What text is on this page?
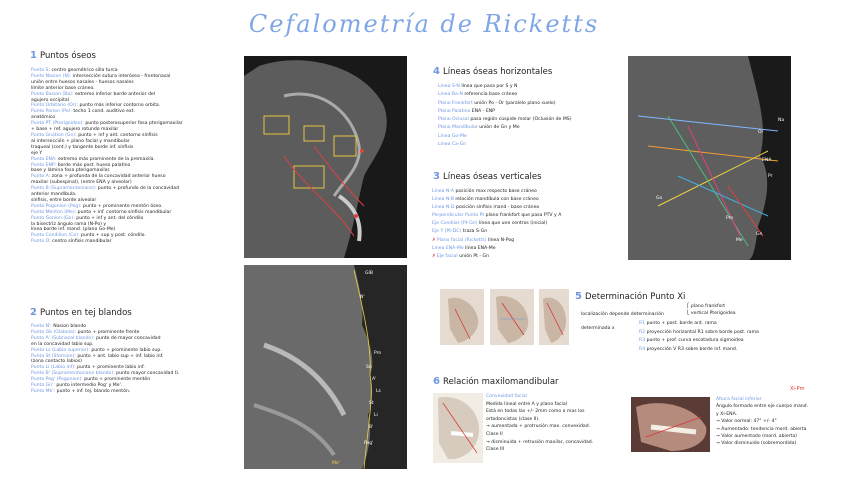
Cefalometría de Ricketts
1 Puntos óseos
Punto S: centro geométrico silla turca
Punto Nasion (N): intersección sutura interósea - frontonasal
unión entre huesos nasales - huesos nasales
límite anterior base cráneo.
Punto Basion (Ba): extremo inferior borde anterior del
agujero occipital
Punto Orbitario (Or): punto más inferior contorno orbita.
Punto Porion (Po): techo 1 cond. auditivo ext.
anatómico
Punto PT (Pterigoideo): punto posterosuperior fosa pterigomaxilar
+ base + ref. agujero rotundo maxilar
Punto Gnation (Gn): punto + inf y ant. contorno sínfisis
al intersección + plano facial y mandibular
traqueal (cont.) y tangente borde inf. sínfisis
eje Y
Punto ENA: extremo más prominente de la premaxila.
Punto ENP: borde más post. hueso palatino
base y lámina fosa pterigomaxilar.
Punto A: zona + profunda de la concavidad anterior hueso
maxilar (subespinal), (entre ENA y alveolar)
Punto B (Supramentoniano): punto + profundo de la concavidad
anterior mandíbula.
sínfisis, entre borde alveolar
Punto Pogonion (Pog): punto + prominente mentón óseo.
Punto Menton (Me): punto + inf. contorno sínfisis mandibular
Punto Gonion (Go): punto + inf y ant. del cóndilo
la bisectriz ángulo rama (N-Po) y
línea borde inf. mand. (plano Go-Me)
Punto Condilion (Co): punto + sup y post. cóndilo.
Punto D: centro sínfisis mandibular
2 Puntos en tej blandos
Punto N': Nasion blando
Punto Gb (Glabela): punto + prominente frente
Punto A' (Subnasal blando): punto de mayor concavidad
en la concavidad labio sup.
Punto Ls (Labio superior): punto + prominente labio sup.
Punto St (Stomion): punto + ant. labio sup + inf. labio inf.
(zona contacto labios)
Punto Li (Labio inf): punto + prominente labio inf.
Punto B' (Supramentoniano blando): punto mayor concavidad ti.
Punto Pog' (Pogonion): punto + prominente mentón
Punto Gn': punto intermedio Pog' y Me'.
Punto Me': punto + inf. tej. blando mentón.
4 Líneas óseas horizontales
Línea S-N línea que pasa por S y N
Línea Ba-N referencia base cráneo
Plano Frankfort unión Po - Or (paralelo plano suelo)
Plano Palatino ENA - ENP
Plano Oclusal pasa región cúspide molar (Oclusión de MS)
Plano Mandibular unión de Gn y Me
Línea Go-Me
Línea Ca-Gn
3 Líneas óseas verticales
Línea N-A posición max respecto base cráneo
Línea N-B relación mandíbula con base cráneo
Línea N-D posición sínfisis mand - base cráneo
Perpendicular Punto Pt plano frankfort que pasa PTV y A
Eje Condilar (Pt-Gn) línea que une centros (inicial)
Eje Y (Pt-DC) traza S-Gn
✗Plano facial (Ricketts) línea N-Pog
Línea ENA-Me línea ENA-Me
✗Eje facial unión Pt - Gn
5 Determinación Punto Xi
localización depende determinación
⎧ plano frankfort
⎩ vertical Pterigoidea
determinada x
R1 punto + post. borde ant. rama
R2 proyección horizontal R1 sobre borde post. rama
R3 punto + prof. curva escotadura sigmoidea
R4 proyección V R3 sobre borde inf. mand.
6 Relación maxilomandibular
Convexidad facial
Medida lineal entre A y plano facial
Está en todas las +/- 2mm como a mas los
ortodoncistas (clase II).
→ aumentada + protrusión max. convexidad.
Clase II
→ disminuida + retrusión maxilar, concavidad.
Clase III
Altura facial inferior
Ángulo formado entre eje cuerpo mand.
y Xi-ENA.
→ Valor normal: 47° +/- 4°
→ Aumentado: tendencia mord. abierta
→ Valor aumentado (mord. abierta)
→ Valor disminuido (sobremordida)
Xi-Pm
GIB
N'
Prn
Sn
A'
Ls
St
Li
B'
Pog'
Me'
Na
Or
ENA
Pr
Go
Me
Gn
Pm
